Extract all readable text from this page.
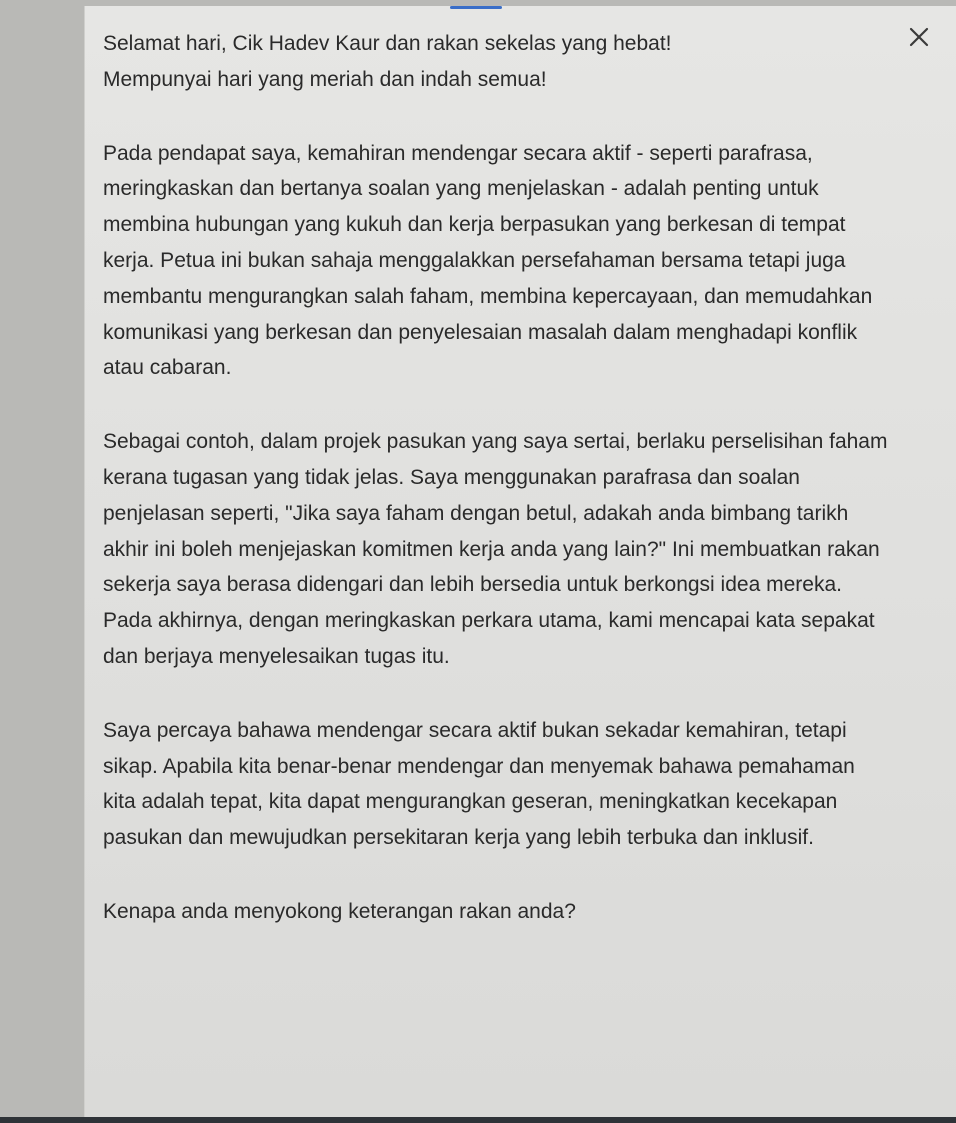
Selamat hari, Cik Hadev Kaur dan rakan sekelas yang hebat!

Mempunyai hari yang meriah dan indah semua!

Pada pendapat saya, kemahiran mendengar secara aktif - seperti parafrasa, meringkaskan dan bertanya soalan yang menjelaskan - adalah penting untuk membina hubungan yang kukuh dan kerja berpasukan yang berkesan di tempat kerja. Petua ini bukan sahaja menggalakkan persefahaman bersama tetapi juga membantu mengurangkan salah faham, membina kepercayaan, dan memudahkan komunikasi yang berkesan dan penyelesaian masalah dalam menghadapi konflik atau cabaran.

Sebagai contoh, dalam projek pasukan yang saya sertai, berlaku perselisihan faham kerana tugasan yang tidak jelas. Saya menggunakan parafrasa dan soalan penjelasan seperti, "Jika saya faham dengan betul, adakah anda bimbang tarikh akhir ini boleh menjejaskan komitmen kerja anda yang lain?" Ini membuatkan rakan sekerja saya berasa didengari dan lebih bersedia untuk berkongsi idea mereka. Pada akhirnya, dengan meringkaskan perkara utama, kami mencapai kata sepakat dan berjaya menyelesaikan tugas itu.

Saya percaya bahawa mendengar secara aktif bukan sekadar kemahiran, tetapi sikap. Apabila kita benar-benar mendengar dan menyemak bahawa pemahaman kita adalah tepat, kita dapat mengurangkan geseran, meningkatkan kecekapan pasukan dan mewujudkan persekitaran kerja yang lebih terbuka dan inklusif.

Kenapa anda menyokong keterangan rakan anda?
